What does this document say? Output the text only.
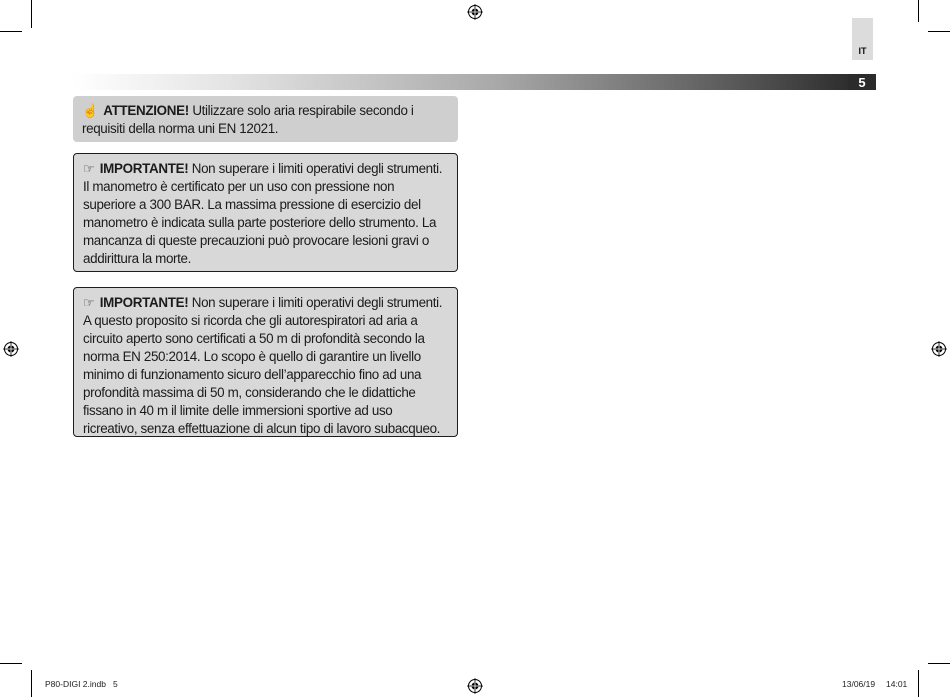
IT
5
☝ ATTENZIONE! Utilizzare solo aria respirabile secondo i requisiti della norma uni EN 12021.
☞ IMPORTANTE! Non superare i limiti operativi degli strumenti. Il manometro è certificato per un uso con pressione non superiore a 300 BAR. La massima pressione di esercizio del manometro è indicata sulla parte posteriore dello strumento. La mancanza di queste precauzioni può provocare lesioni gravi o addirittura la morte.
☞ IMPORTANTE! Non superare i limiti operativi degli strumenti. A questo proposito si ricorda che gli autorespiratori ad aria a circuito aperto sono certificati a 50 m di profondità secondo la norma EN 250:2014. Lo scopo è quello di garantire un livello minimo di funzionamento sicuro dell’apparecchio fino ad una profondità massima di 50 m, considerando che le didattiche fissano in 40 m il limite delle immersioni sportive ad uso ricreativo, senza effettuazione di alcun tipo di lavoro subacqueo.
P80-DIGI 2.indb   5	13/06/19 14:01
